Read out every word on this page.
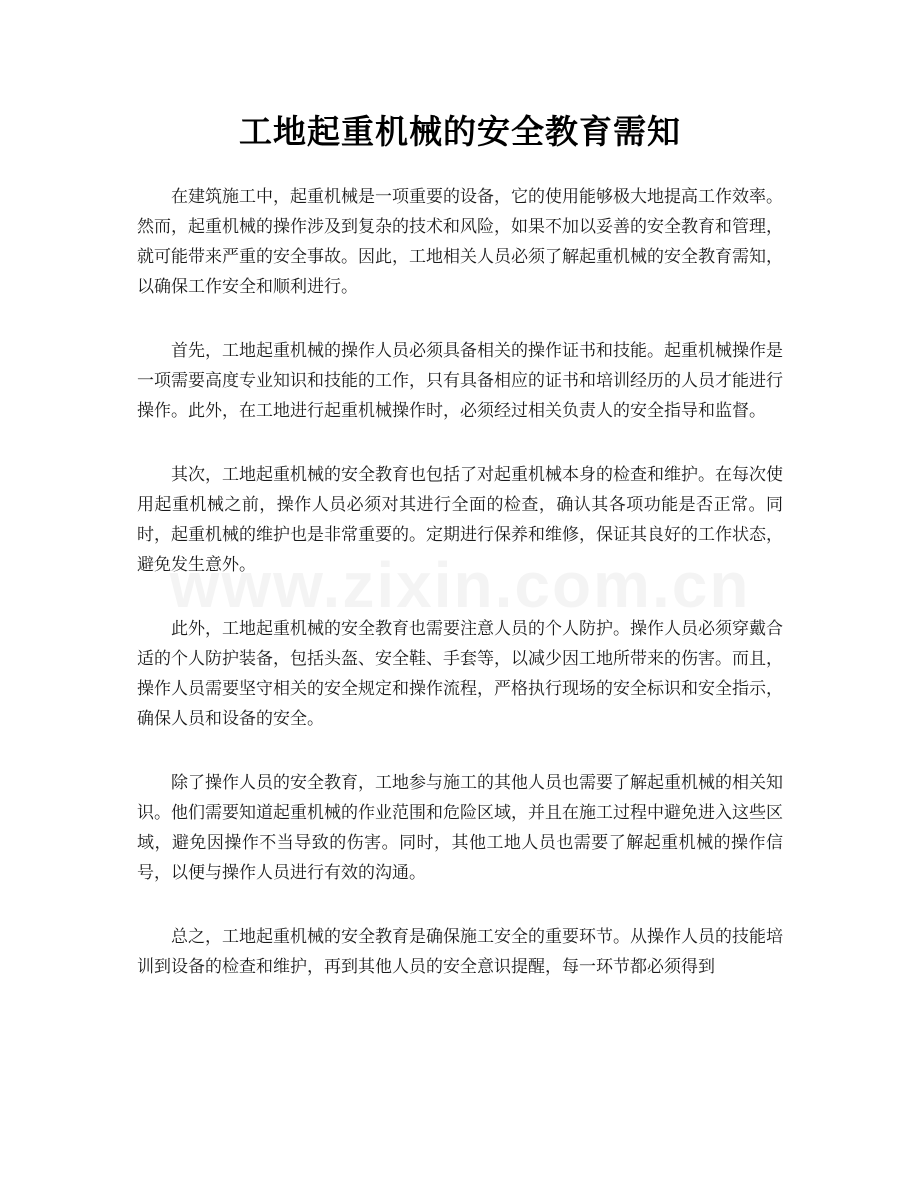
工地起重机械的安全教育需知

在建筑施工中，起重机械是一项重要的设备，它的使用能够极大地提高工作效率。然而，起重机械的操作涉及到复杂的技术和风险，如果不加以妥善的安全教育和管理，就可能带来严重的安全事故。因此，工地相关人员必须了解起重机械的安全教育需知，以确保工作安全和顺利进行。

首先，工地起重机械的操作人员必须具备相关的操作证书和技能。起重机械操作是一项需要高度专业知识和技能的工作，只有具备相应的证书和培训经历的人员才能进行操作。此外，在工地进行起重机械操作时，必须经过相关负责人的安全指导和监督。

其次，工地起重机械的安全教育也包括了对起重机械本身的检查和维护。在每次使用起重机械之前，操作人员必须对其进行全面的检查，确认其各项功能是否正常。同时，起重机械的维护也是非常重要的。定期进行保养和维修，保证其良好的工作状态，避免发生意外。

此外，工地起重机械的安全教育也需要注意人员的个人防护。操作人员必须穿戴合适的个人防护装备，包括头盔、安全鞋、手套等，以减少因工地所带来的伤害。而且，操作人员需要坚守相关的安全规定和操作流程，严格执行现场的安全标识和安全指示，确保人员和设备的安全。

除了操作人员的安全教育，工地参与施工的其他人员也需要了解起重机械的相关知识。他们需要知道起重机械的作业范围和危险区域，并且在施工过程中避免进入这些区域，避免因操作不当导致的伤害。同时，其他工地人员也需要了解起重机械的操作信号，以便与操作人员进行有效的沟通。

总之，工地起重机械的安全教育是确保施工安全的重要环节。从操作人员的技能培训到设备的检查和维护，再到其他人员的安全意识提醒，每一环节都必须得到
